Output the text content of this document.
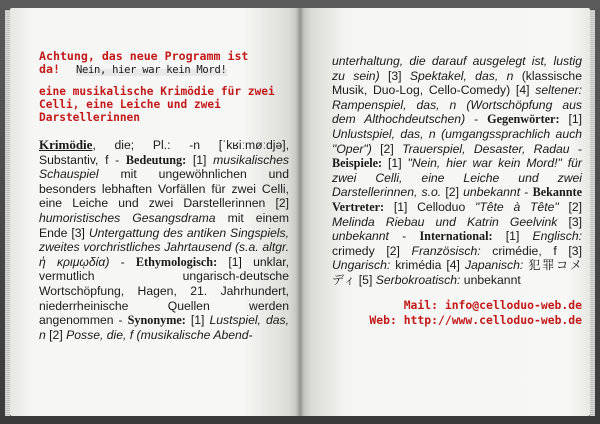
Achtung, das neue Programm ist da! Nein, hier war kein Mord!

eine musikalische Krimödie für zwei Celli, eine Leiche und zwei Darstellerinnen

Krimödie, die; Pl.: -n [ˈkʁiːmøːdjə], Substantiv, f - Bedeutung: [1] musikalisches Schauspiel mit ungewöhnlichen und besonders lebhaften Vorfällen für zwei Celli, eine Leiche und zwei Darstellerinnen [2] humoristisches Gesangsdrama mit einem Ende [3] Untergattung des antiken Singspiels, zweites vorchristliches Jahrtausend (s.a. altgr. ἡ κριμῳδία) - Ethymologisch: [1] unklar, vermutlich ungarisch-deutsche Wortschöpfung, Hagen, 21. Jahrhundert, niederrheinische Quellen werden angenommen - Synonyme: [1] Lustspiel, das, n [2] Posse, die, f (musikalische Abend-

unterhaltung, die darauf ausgelegt ist, lustig zu sein) [3] Spektakel, das, n (klassische Musik, Duo-Log, Cello-Comedy) [4] seltener: Rampenspiel, das, n (Wortschöpfung aus dem Althochdeutschen) - Gegenwörter: [1] Unlustspiel, das, n (umgangssprachlich auch "Oper") [2] Trauerspiel, Desaster, Radau - Beispiele: [1] "Nein, hier war kein Mord!" für zwei Celli, eine Leiche und zwei Darstellerinnen, s.o. [2] unbekannt - Bekannte Vertreter: [1] Celloduo "Tête à Tête" [2] Melinda Riebau und Katrin Geelvink [3] unbekannt - International: [1] Englisch: crimedy [2] Französisch: crimédie, f [3] Ungarisch: krimédia [4] Japanisch: 犯罪コメディ [5] Serbokroatisch: unbekannt

Mail: info@celloduo-web.de
Web: http://www.celloduo-web.de
